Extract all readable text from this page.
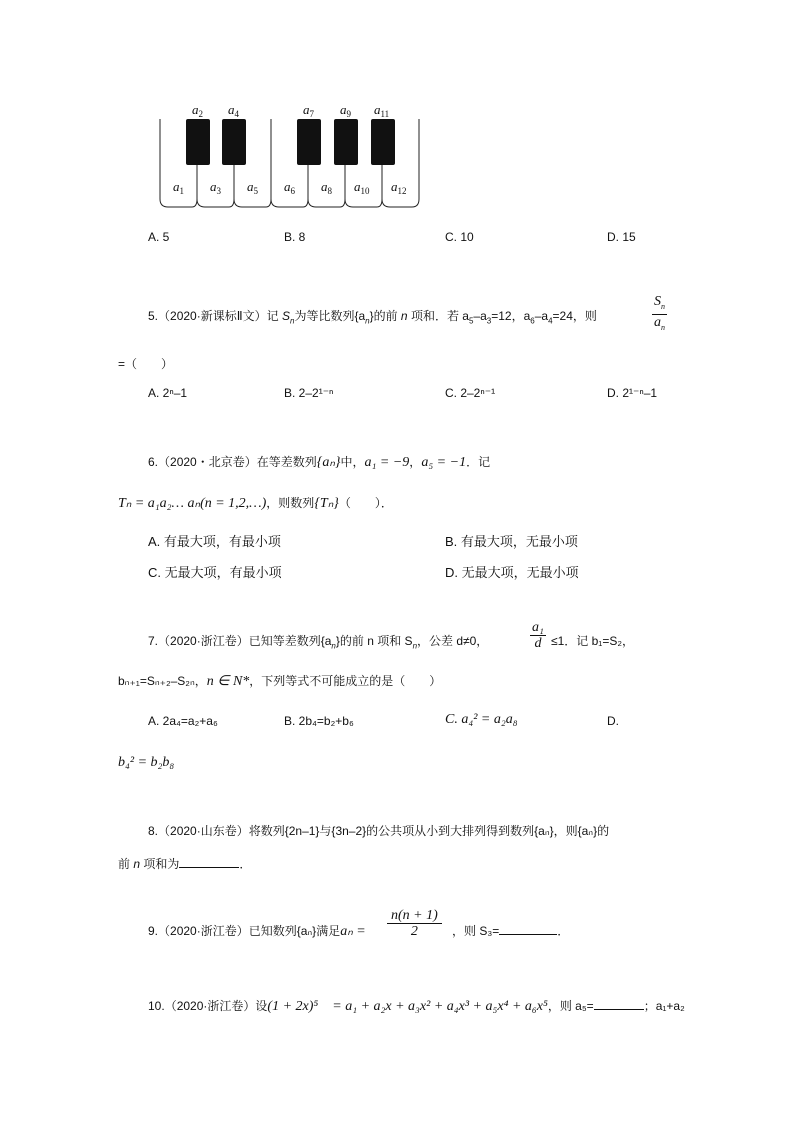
$a_2$ $a_4$	$a_7$ $a_9$ $a_{11}$
$a_1$ $a_3$ $a_5$ $a_6$ $a_8$ $a_{10}$ $a_{12}$
A. 5	B. 8	C. 10	D. 15
5.（2020·新课标Ⅱ文）记 $S_n$为等比数列$\{a_n\}$的前 n 项和．若 $a_5-a_3=12$，$a_6-a_4=24$，则	$\frac{S_n}{a_n}$
=（　　）
A. 2ⁿ–1	B. 2–2¹⁻ⁿ	C. 2–2ⁿ⁻¹	D. 2¹⁻ⁿ–1
6.（2020・北京卷）在等差数列{aₙ}中，a₁ = −9，a₅ = −1．记
Tₙ = a₁a₂… aₙ(n = 1,2,…)，则数列{Tₙ}（　　）．
A. 有最大项，有最小项	B. 有最大项，无最小项
C. 无最大项，有最小项	D. 无最大项，无最小项
7.（2020·浙江卷）已知等差数列$\{a_n\}$的前 n 项和 $S_n$，公差 d≠0，	$\frac{\text{a₁}}{d} \le 1$．记 b₁=S₂，
bₙ₊₁=Sₙ₊₂–S₂ₙ，n ∈ N*，下列等式不可能成立的是（　　）
A. 2a₄=a₂+a₆	B. 2b₄=b₂+b₆	C. a₄² = a₂a₈	D.
b₄² = b₂b₈
8.（2020·山东卷）将数列{2n–1}与{3n–2}的公共项从小到大排列得到数列{aₙ}，则{aₙ}的
前 n 项和为	．
9.（2020·浙江卷）已知数列{aₙ}满足$a_n = \frac{n(n + 1)}{2}$ ，则 S₃=	．
10.（2020·浙江卷）设(1 + 2x)⁵　= a₁ + a₂x + a₃x² + a₄x³ + a₅x⁴ + a₆x⁵，则 a₅=	；a₁+a₂
